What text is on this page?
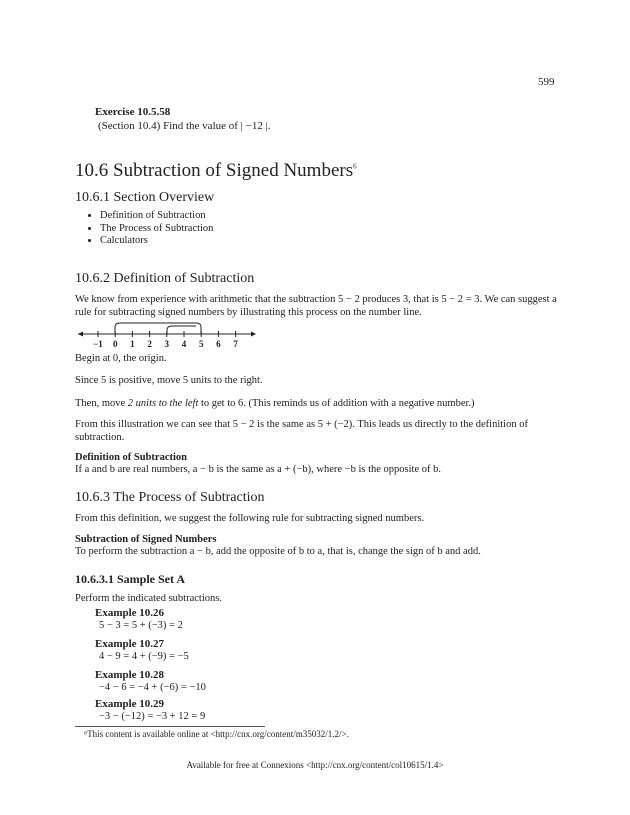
599
Exercise 10.5.58
(Section 10.4) Find the value of | −12 |.
10.6 Subtraction of Signed Numbers$^6$
10.6.1 Section Overview
• Definition of Subtraction
• The Process of Subtraction
• Calculators
10.6.2 Definition of Subtraction

We know from experience with arithmetic that the subtraction 5 − 2 produces 3, that is 5 − 2 = 3. We can suggest a rule for subtracting signed numbers by illustrating this process on the number line.

−1 0 1 2 3 4 5 6 7

Begin at 0, the origin.

Since 5 is positive, move 5 units to the right.

Then, move 2 units to the left to get to 6. (This reminds us of addition with a negative number.)

From this illustration we can see that 5 − 2 is the same as 5 + (−2). This leads us directly to the definition of subtraction.

Definition of Subtraction

If a and b are real numbers, a − b is the same as a + (−b), where −b is the opposite of b.

10.6.3 The Process of Subtraction

From this definition, we suggest the following rule for subtracting signed numbers.

Subtraction of Signed Numbers

To perform the subtraction a − b, add the opposite of b to a, that is, change the sign of b and add.

10.6.3.1 Sample Set A

Perform the indicated subtractions.

Example 10.26
5 − 3 = 5 + (−3) = 2
Example 10.27
4 − 9 = 4 + (−9) = −5
Example 10.28
−4 − 6 = −4 + (−6) = −10
Example 10.29
−3 − (−12) = −3 + 12 = 9
⁶This content is available online at <http://cnx.org/content/m35032/1.2/>.
Available for free at Connexions <http://cnx.org/content/col10615/1.4>
